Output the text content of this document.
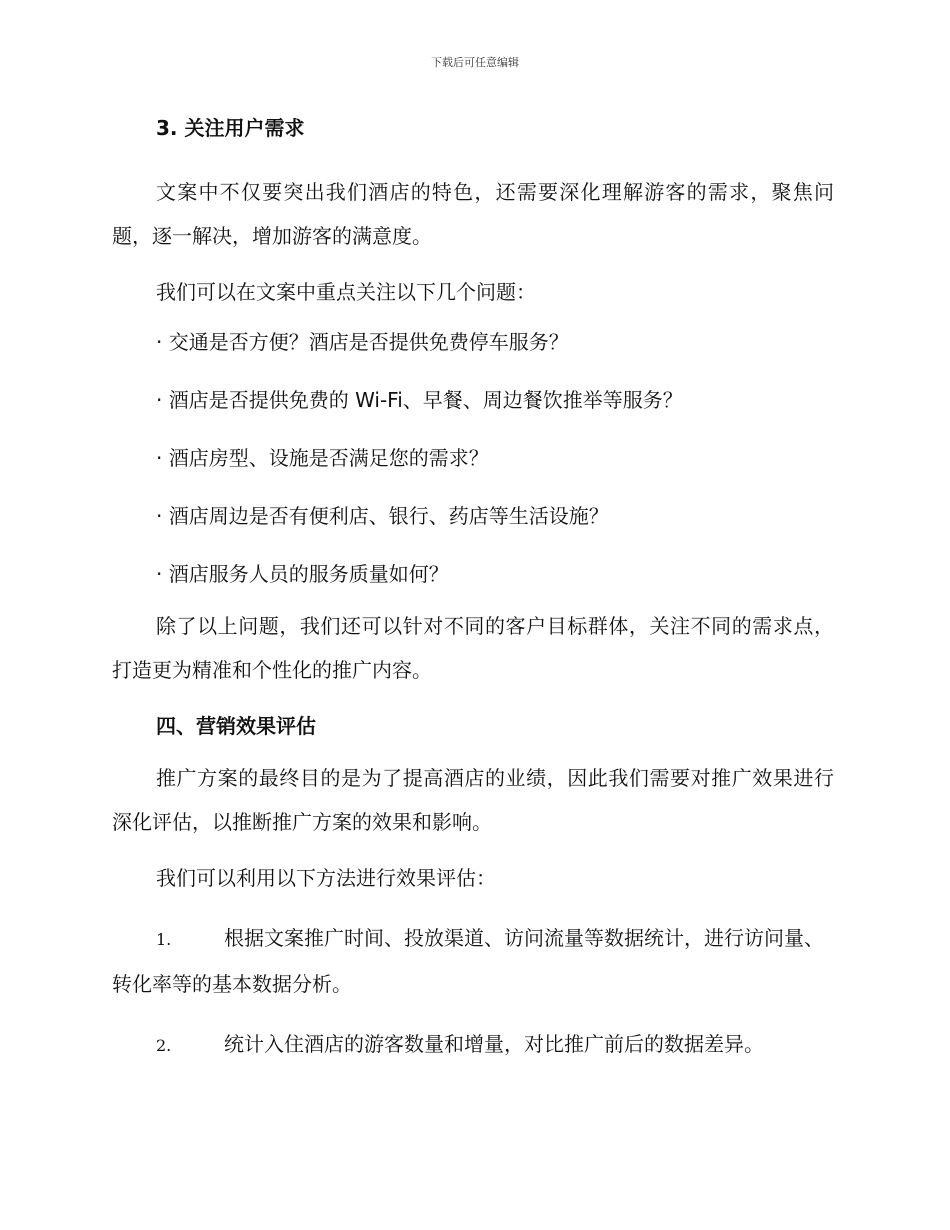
下载后可任意编辑
3. 关注用户需求

文案中不仅要突出我们酒店的特色，还需要深化理解游客的需求，聚焦问题，逐一解决，增加游客的满意度。

我们可以在文案中重点关注以下几个问题：

· 交通是否方便？酒店是否提供免费停车服务？
· 酒店是否提供免费的 Wi-Fi、早餐、周边餐饮推举等服务？
· 酒店房型、设施是否满足您的需求？
· 酒店周边是否有便利店、银行、药店等生活设施？
· 酒店服务人员的服务质量如何？

除了以上问题，我们还可以针对不同的客户目标群体，关注不同的需求点，打造更为精准和个性化的推广内容。

四、营销效果评估

推广方案的最终目的是为了提高酒店的业绩，因此我们需要对推广效果进行深化评估，以推断推广方案的效果和影响。

我们可以利用以下方法进行效果评估：

1.	根据文案推广时间、投放渠道、访问流量等数据统计，进行访问量、转化率等的基本数据分析。
2.	统计入住酒店的游客数量和增量，对比推广前后的数据差异。
